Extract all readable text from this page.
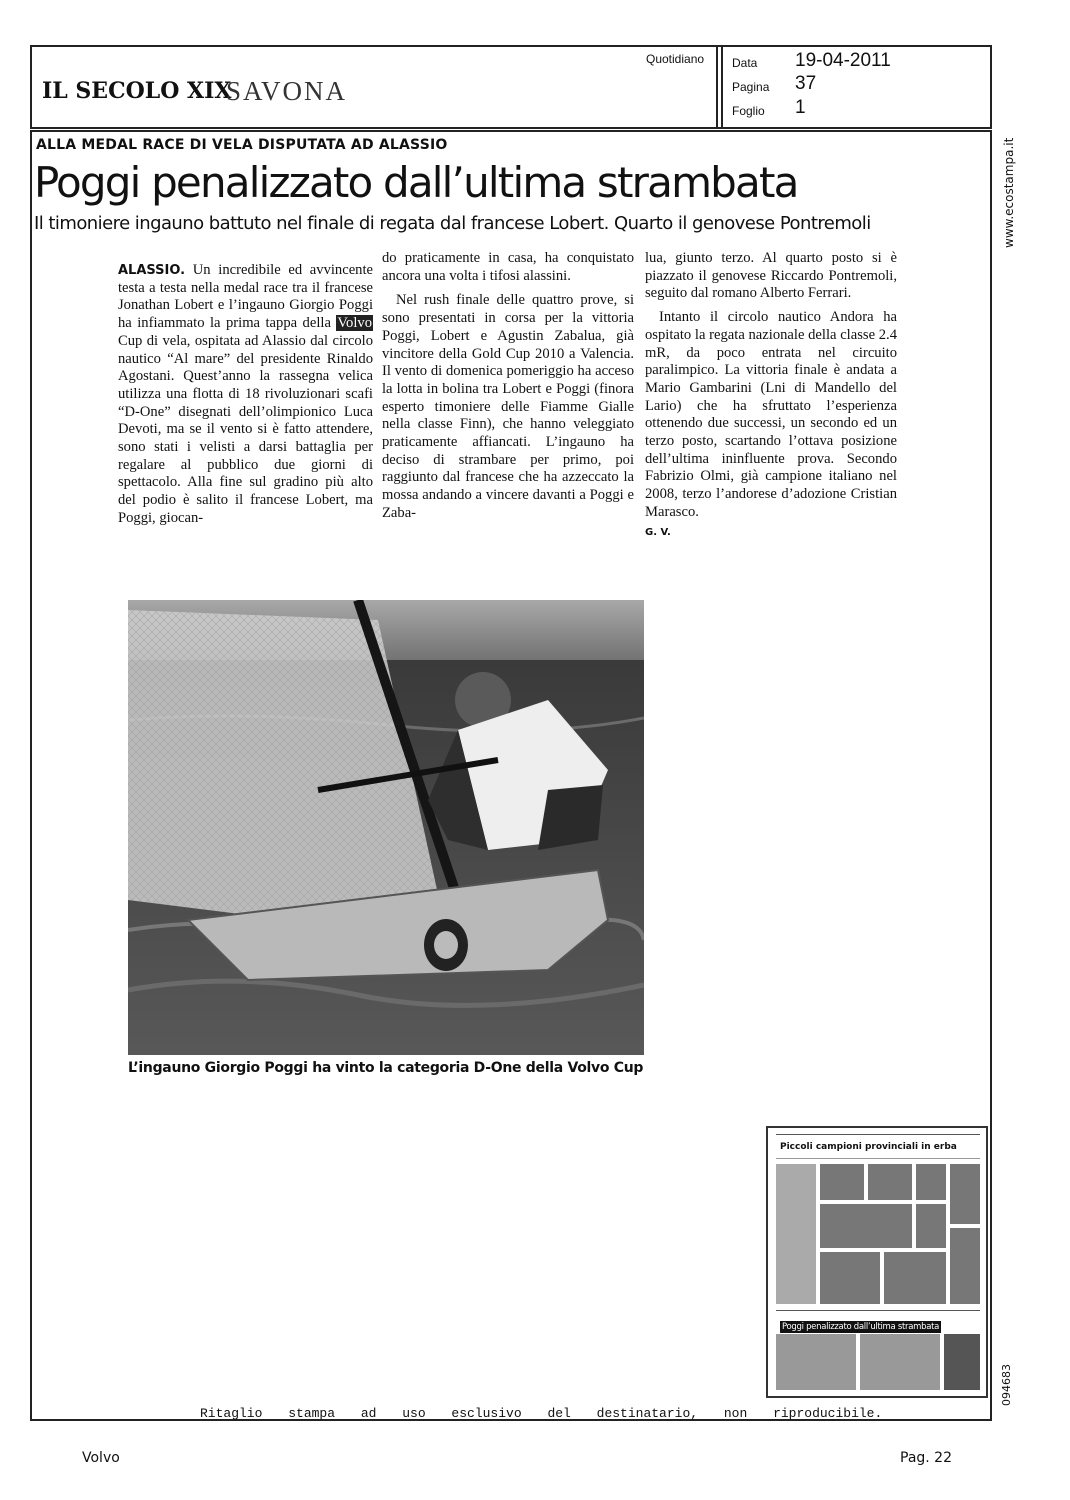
IL SECOLO XIX
SAVONA
Quotidiano Data 19-04-2011
Pagina 37
Foglio 1
ALLA MEDAL RACE DI VELA DISPUTATA AD ALASSIO
Poggi penalizzato dall’ultima strambata
Il timoniere ingauno battuto nel finale di regata dal francese Lobert. Quarto il genovese Pontremoli

ALASSIO. Un incredibile ed avvincente testa a testa nella medal race tra il francese Jonathan Lobert e l’ingauno Giorgio Poggi ha infiammato la prima tappa della Volvo Cup di vela, ospitata ad Alassio dal circolo nautico “Al mare” del presidente Rinaldo Agostani. Quest’anno la rassegna velica utilizza una flotta di 18 rivoluzionari scafi “D-One” disegnati dell’olimpionico Luca Devoti, ma se il vento si è fatto attendere, sono stati i velisti a darsi battaglia per regalare al pubblico due giorni di spettacolo. Alla fine sul gradino più alto del podio è salito il francese Lobert, ma Poggi, giocan-

do praticamente in casa, ha conquistato ancora una volta i tifosi alassini.

Nel rush finale delle quattro prove, si sono presentati in corsa per la vittoria Poggi, Lobert e Agustin Zabalua, già vincitore della Gold Cup 2010 a Valencia. Il vento di domenica pomeriggio ha acceso la lotta in bolina tra Lobert e Poggi (finora esperto timoniere delle Fiamme Gialle nella classe Finn), che hanno veleggiato praticamente affiancati. L’ingauno ha deciso di strambare per primo, poi raggiunto dal francese che ha azzeccato la mossa andando a vincere davanti a Poggi e Zaba-

lua, giunto terzo. Al quarto posto si è piazzato il genovese Riccardo Pontremoli, seguito dal romano Alberto Ferrari.

Intanto il circolo nautico Andora ha ospitato la regata nazionale della classe 2.4 mR, da poco entrata nel circuito paralimpico. La vittoria finale è andata a Mario Gambarini (Lni di Mandello del Lario) che ha sfruttato l’esperienza ottenendo due successi, un secondo ed un terzo posto, scartando l’ottava posizione dell’ultima ininfluente prova. Secondo Fabrizio Olmi, già campione italiano nel 2008, terzo l’andorese d’adozione Cristian Marasco.

G. V.
L’ingauno Giorgio Poggi ha vinto la categoria D-One della Volvo Cup
Piccoli campioni provinciali in erba
Poggi penalizzato dall’ultima strambata
www.ecostampa.it
094683
Ritaglio stampa ad uso esclusivo del destinatario, non riproducibile.
Volvo	Pag. 22
